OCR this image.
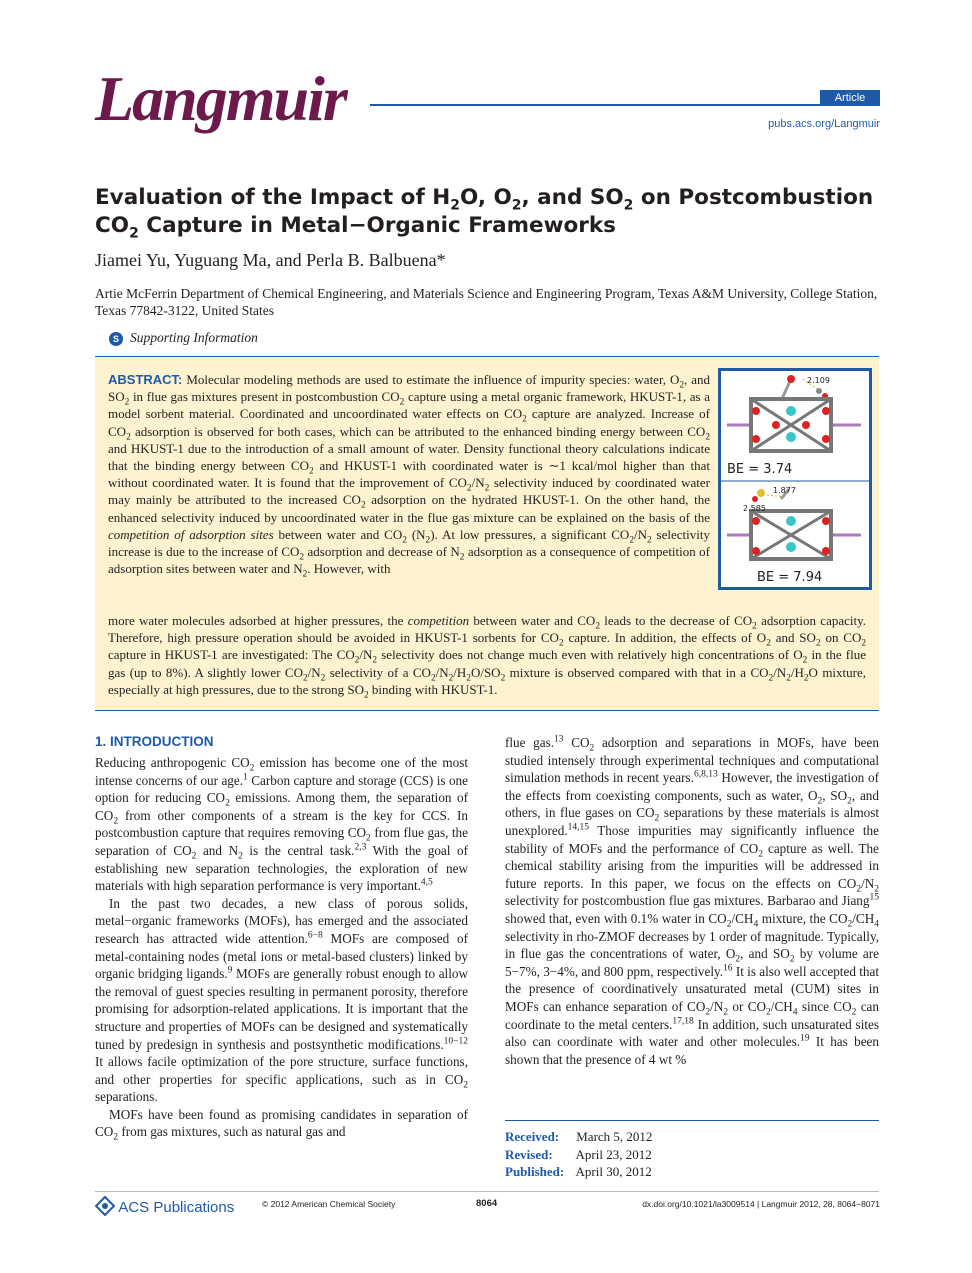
Langmuir	Article
pubs.acs.org/Langmuir
Evaluation of the Impact of $H_2O$, $O_2$, and $SO_2$ on Postcombustion $CO_2$ Capture in Metal−Organic Frameworks
Jiamei Yu, Yuguang Ma, and Perla B. Balbuena*
Artie McFerrin Department of Chemical Engineering, and Materials Science and Engineering Program, Texas A&M University, College Station, Texas 77842-3122, United States
S Supporting Information
ABSTRACT: Molecular modeling methods are used to estimate the influence of impurity species: water, $O_2$, and $SO_2$ in flue gas mixtures present in postcombustion $CO_2$ capture using a metal organic framework, HKUST-1, as a model sorbent material. Coordinated and uncoordinated water effects on $CO_2$ capture are analyzed. Increase of $CO_2$ adsorption is observed for both cases, which can be attributed to the enhanced binding energy between $CO_2$ and HKUST-1 due to the introduction of a small amount of water. Density functional theory calculations indicate that the binding energy between $CO_2$ and HKUST-1 with coordinated water is ∼1 kcal/mol higher than that without coordinated water. It is found that the improvement of $CO_2/N_2$ selectivity induced by coordinated water may mainly be attributed to the increased $CO_2$ adsorption on the hydrated HKUST-1. On the other hand, the enhanced selectivity induced by uncoordinated water in the flue gas mixture can be explained on the basis of the competition of adsorption sites between water and $CO_2$ $(N_2)$. At low pressures, a significant $CO_2/N_2$ selectivity increase is due to the increase of $CO_2$ adsorption and decrease of $N_2$ adsorption as a consequence of competition of adsorption sites between water and $N_2$. However, with
more water molecules adsorbed at higher pressures, the competition between water and $CO_2$ leads to the decrease of $CO_2$ adsorption capacity. Therefore, high pressure operation should be avoided in HKUST-1 sorbents for $CO_2$ capture. In addition, the effects of $O_2$ and $SO_2$ on $CO_2$ capture in HKUST-1 are investigated: The $CO_2/N_2$ selectivity does not change much even with relatively high concentrations of $O_2$ in the flue gas (up to 8%). A slightly lower $CO_2/N_2$ selectivity of a $CO_2/N_2/H_2O/SO_2$ mixture is observed compared with that in a $CO_2/N_2/H_2O$ mixture, especially at high pressures, due to the strong $SO_2$ binding with HKUST-1.
2.109
BE = 3.74
1.877
2.585
BE = 7.94
1. INTRODUCTION
Reducing anthropogenic $CO_2$ emission has become one of the most intense concerns of our age.$^1$ Carbon capture and storage (CCS) is one option for reducing $CO_2$ emissions. Among them, the separation of $CO_2$ from other components of a stream is the key for CCS. In postcombustion capture that requires removing $CO_2$ from flue gas, the separation of $CO_2$ and $N_2$ is the central task.$^{2,3}$ With the goal of establishing new separation technologies, the exploration of new materials with high separation performance is very important.$^{4,5}$
In the past two decades, a new class of porous solids, metal−organic frameworks (MOFs), has emerged and the associated research has attracted wide attention.$^{6-8}$ MOFs are composed of metal-containing nodes (metal ions or metal-based clusters) linked by organic bridging ligands.$^9$ MOFs are generally robust enough to allow the removal of guest species resulting in permanent porosity, therefore promising for adsorption-related applications. It is important that the structure and properties of MOFs can be designed and systematically tuned by predesign in synthesis and postsynthetic modifications.$^{10-12}$ It allows facile optimization of the pore structure, surface functions, and other properties for specific applications, such as in $CO_2$ separations.
MOFs have been found as promising candidates in separation of $CO_2$ from gas mixtures, such as natural gas and
flue gas.$^{13}$ $CO_2$ adsorption and separations in MOFs, have been studied intensely through experimental techniques and computational simulation methods in recent years.$^{6,8,13}$ However, the investigation of the effects from coexisting components, such as water, $O_2$, $SO_2$, and others, in flue gases on $CO_2$ separations by these materials is almost unexplored.$^{14,15}$ Those impurities may significantly influence the stability of MOFs and the performance of $CO_2$ capture as well. The chemical stability arising from the impurities will be addressed in future reports. In this paper, we focus on the effects on $CO_2/N_2$ selectivity for postcombustion flue gas mixtures. Barbarao and Jiang$^{15}$ showed that, even with 0.1% water in $CO_2/CH_4$ mixture, the $CO_2/CH_4$ selectivity in rho-ZMOF decreases by 1 order of magnitude. Typically, in flue gas the concentrations of water, $O_2$, and $SO_2$ by volume are 5−7%, 3−4%, and 800 ppm, respectively.$^{16}$ It is also well accepted that the presence of coordinatively unsaturated metal (CUM) sites in MOFs can enhance separation of $CO_2/N_2$ or $CO_2/CH_4$ since $CO_2$ can coordinate to the metal centers.$^{17,18}$ In addition, such unsaturated sites also can coordinate with water and other molecules.$^{19}$ It has been shown that the presence of 4 wt %
Received: March 5, 2012
Revised: April 23, 2012
Published: April 30, 2012
ACS Publications	© 2012 American Chemical Society	8064	dx.doi.org/10.1021/la3009514 | Langmuir 2012, 28, 8064−8071
